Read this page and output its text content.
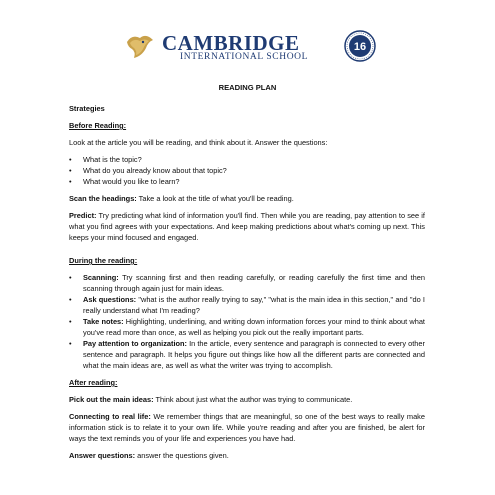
CAMBRIDGE
INTERNATIONAL SCHOOL
16
READING PLAN

Strategies

Before Reading:

Look at the article you will be reading, and think about it. Answer the questions:

• What is the topic?
• What do you already know about that topic?
• What would you like to learn?

Scan the headings: Take a look at the title of what you'll be reading.

Predict: Try predicting what kind of information you'll find. Then while you are reading, pay attention to see if what you find agrees with your expectations. And keep making predictions about what's coming up next. This keeps your mind focused and engaged.

During the reading:

• Scanning: Try scanning first and then reading carefully, or reading carefully the first time and then scanning through again just for main ideas.
• Ask questions: "what is the author really trying to say," "what is the main idea in this section," and "do I really understand what I'm reading?
• Take notes: Highlighting, underlining, and writing down information forces your mind to think about what you've read more than once, as well as helping you pick out the really important parts.
• Pay attention to organization: In the article, every sentence and paragraph is connected to every other sentence and paragraph. It helps you figure out things like how all the different parts are connected and what the main ideas are, as well as what the writer was trying to accomplish.

After reading:

Pick out the main ideas: Think about just what the author was trying to communicate.

Connecting to real life: We remember things that are meaningful, so one of the best ways to really make information stick is to relate it to your own life. While you're reading and after you are finished, be alert for ways the text reminds you of your life and experiences you have had.

Answer questions: answer the questions given.
